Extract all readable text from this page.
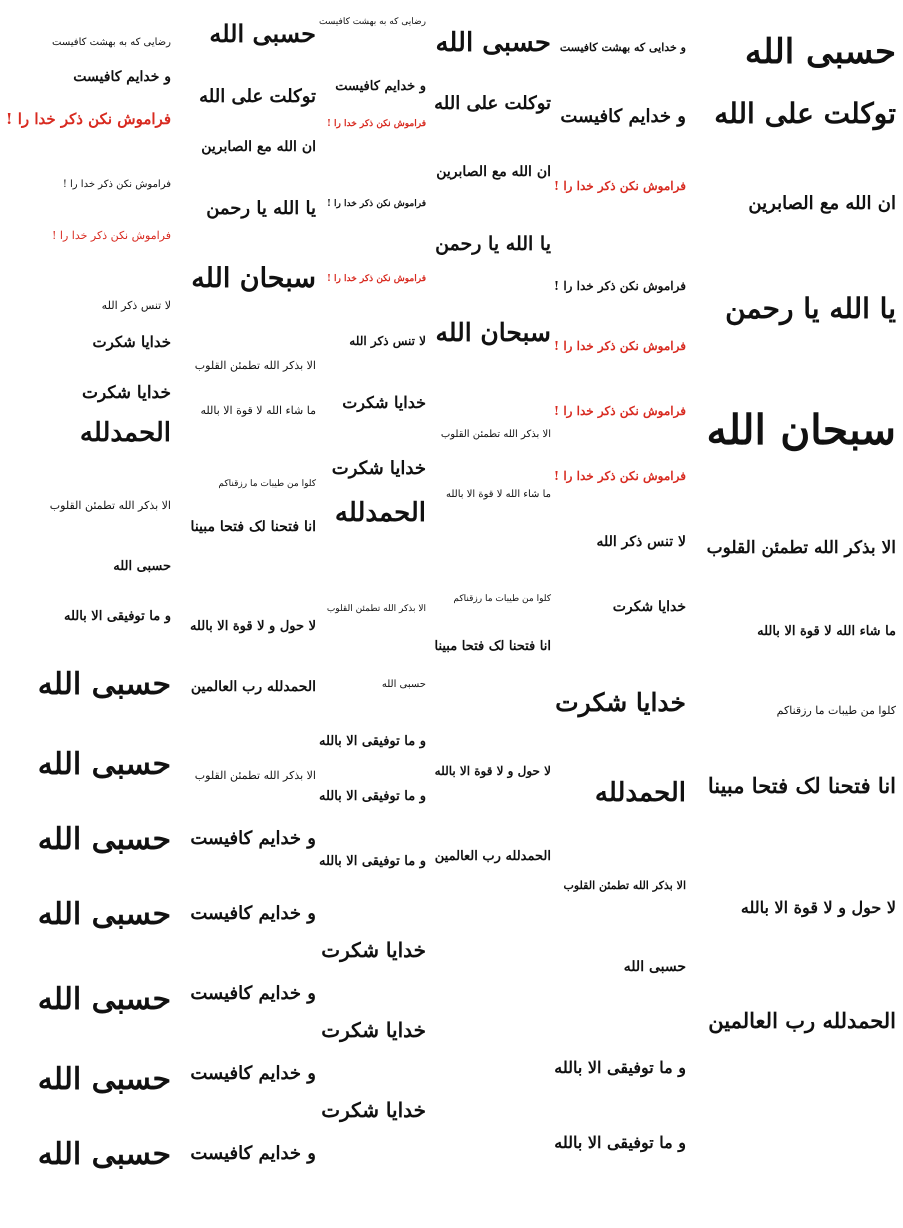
رضایی که به بهشت کافیست
و خدایم کافیست
فراموش نکن ذکر خدا را !
فراموش نکن ذکر خدا را !
فراموش نکن ذکر خدا را !
لا تنس ذکر الله
خدایا شکرت
خدایا شکرت
الحمدلله
الا بذکر الله تطمئن القلوب
حسبی الله
و ما توفیقی الا بالله
حسبی الله
حسبی الله
حسبی الله
حسبی الله
حسبی الله
حسبی الله
حسبی الله
حسبی الله
توکلت علی الله
ان الله مع الصابرین
یا الله یا رحمن
سبحان الله
الا بذکر الله تطمئن القلوب
ما شاء الله لا قوة الا بالله
کلوا من طیبات ما رزقناکم
انا فتحنا لک فتحا مبینا
لا حول و لا قوة الا بالله
الحمدلله رب العالمین
الا بذکر الله تطمئن القلوب
و خدایم کافیست
و خدایم کافیست
و خدایم کافیست
و خدایم کافیست
و خدایم کافیست
رضایی که به بهشت کافیست
و خدایم کافیست
فراموش نکن ذکر خدا را !
فراموش نکن ذکر خدا را !
فراموش نکن ذکر خدا را !
لا تنس ذکر الله
خدایا شکرت
خدایا شکرت
الحمدلله
الا بذکر الله تطمئن القلوب
حسبی الله
و ما توفیقی الا بالله
و ما توفیقی الا بالله
و ما توفیقی الا بالله
خدایا شکرت
خدایا شکرت
خدایا شکرت
حسبی الله
توکلت علی الله
ان الله مع الصابرین
یا الله یا رحمن
سبحان الله
الا بذکر الله تطمئن القلوب
ما شاء الله لا قوة الا بالله
کلوا من طیبات ما رزقناکم
انا فتحنا لک فتحا مبینا
لا حول و لا قوة الا بالله
الحمدلله رب العالمین
و خدایی که بهشت کافیست
و خدایم کافیست
فراموش نکن ذکر خدا را !
فراموش نکن ذکر خدا را !
فراموش نکن ذکر خدا را !
فراموش نکن ذکر خدا را !
فراموش نکن ذکر خدا را !
لا تنس ذکر الله
خدایا شکرت
خدایا شکرت
الحمدلله
الا بذکر الله تطمئن القلوب
حسبی الله
و ما توفیقی الا بالله
و ما توفیقی الا بالله
حسبی الله
توکلت علی الله
ان الله مع الصابرین
یا الله یا رحمن
سبحان الله
الا بذکر الله تطمئن القلوب
ما شاء الله لا قوة الا بالله
کلوا من طیبات ما رزقناکم
انا فتحنا لک فتحا مبینا
لا حول و لا قوة الا بالله
الحمدلله رب العالمین
